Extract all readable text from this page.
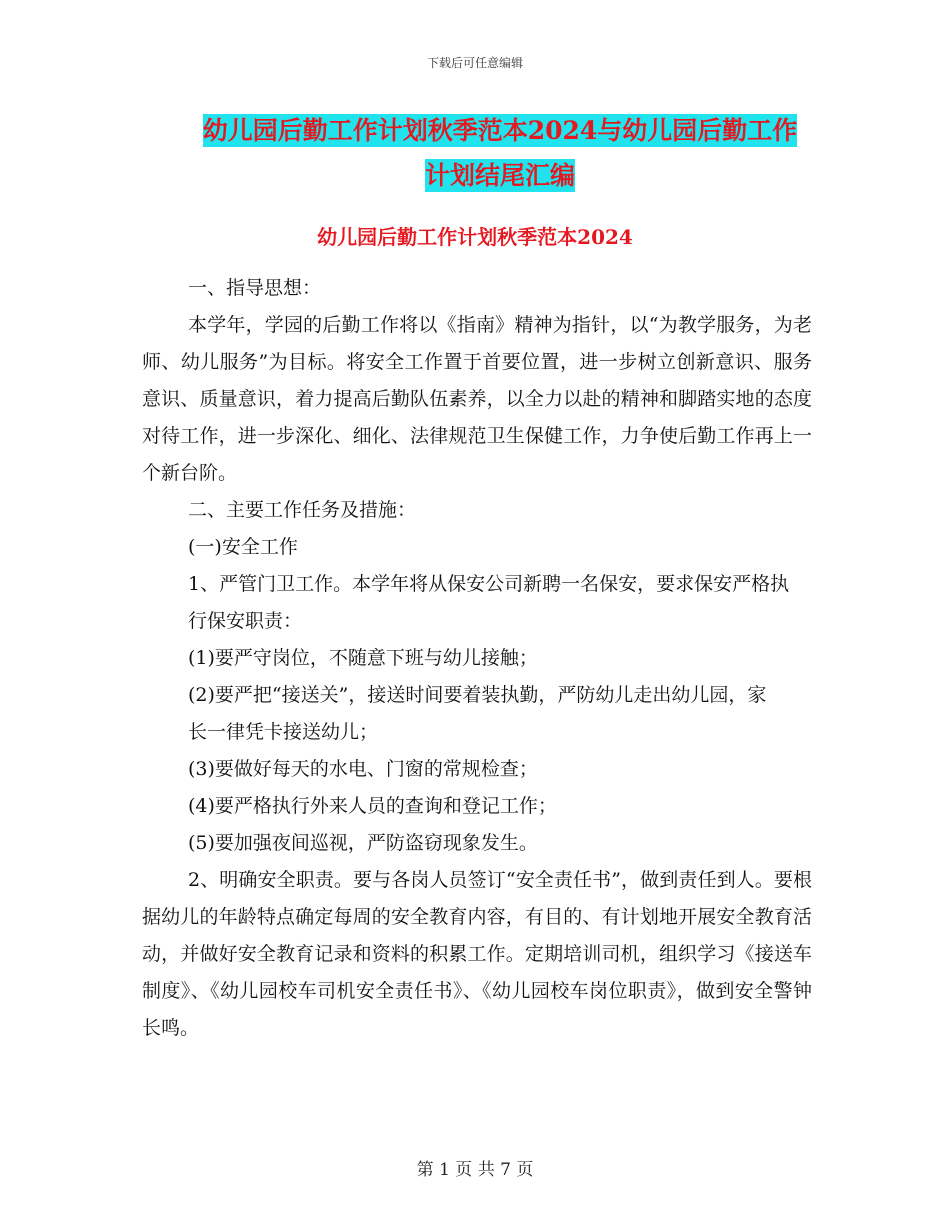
下载后可任意编辑
幼儿园后勤工作计划秋季范本2024与幼儿园后勤工作
计划结尾汇编
幼儿园后勤工作计划秋季范本2024

一、指导思想：

本学年，学园的后勤工作将以《指南》精神为指针，以“为教学服务，为老师、幼儿服务”为目标。将安全工作置于首要位置，进一步树立创新意识、服务意识、质量意识，着力提高后勤队伍素养，以全力以赴的精神和脚踏实地的态度对待工作，进一步深化、细化、法律规范卫生保健工作，力争使后勤工作再上一个新台阶。

二、主要工作任务及措施：

(一)安全工作

1、严管门卫工作。本学年将从保安公司新聘一名保安，要求保安严格执

行保安职责：

(1)要严守岗位，不随意下班与幼儿接触；

(2)要严把“接送关”，接送时间要着装执勤，严防幼儿走出幼儿园，家

长一律凭卡接送幼儿；

(3)要做好每天的水电、门窗的常规检查；

(4)要严格执行外来人员的查询和登记工作；

(5)要加强夜间巡视，严防盗窃现象发生。

2、明确安全职责。要与各岗人员签订“安全责任书”，做到责任到人。要根据幼儿的年龄特点确定每周的安全教育内容，有目的、有计划地开展安全教育活动，并做好安全教育记录和资料的积累工作。定期培训司机，组织学习《接送车制度》、《幼儿园校车司机安全责任书》、《幼儿园校车岗位职责》，做到安全警钟长鸣。

第 1 页 共 7 页
